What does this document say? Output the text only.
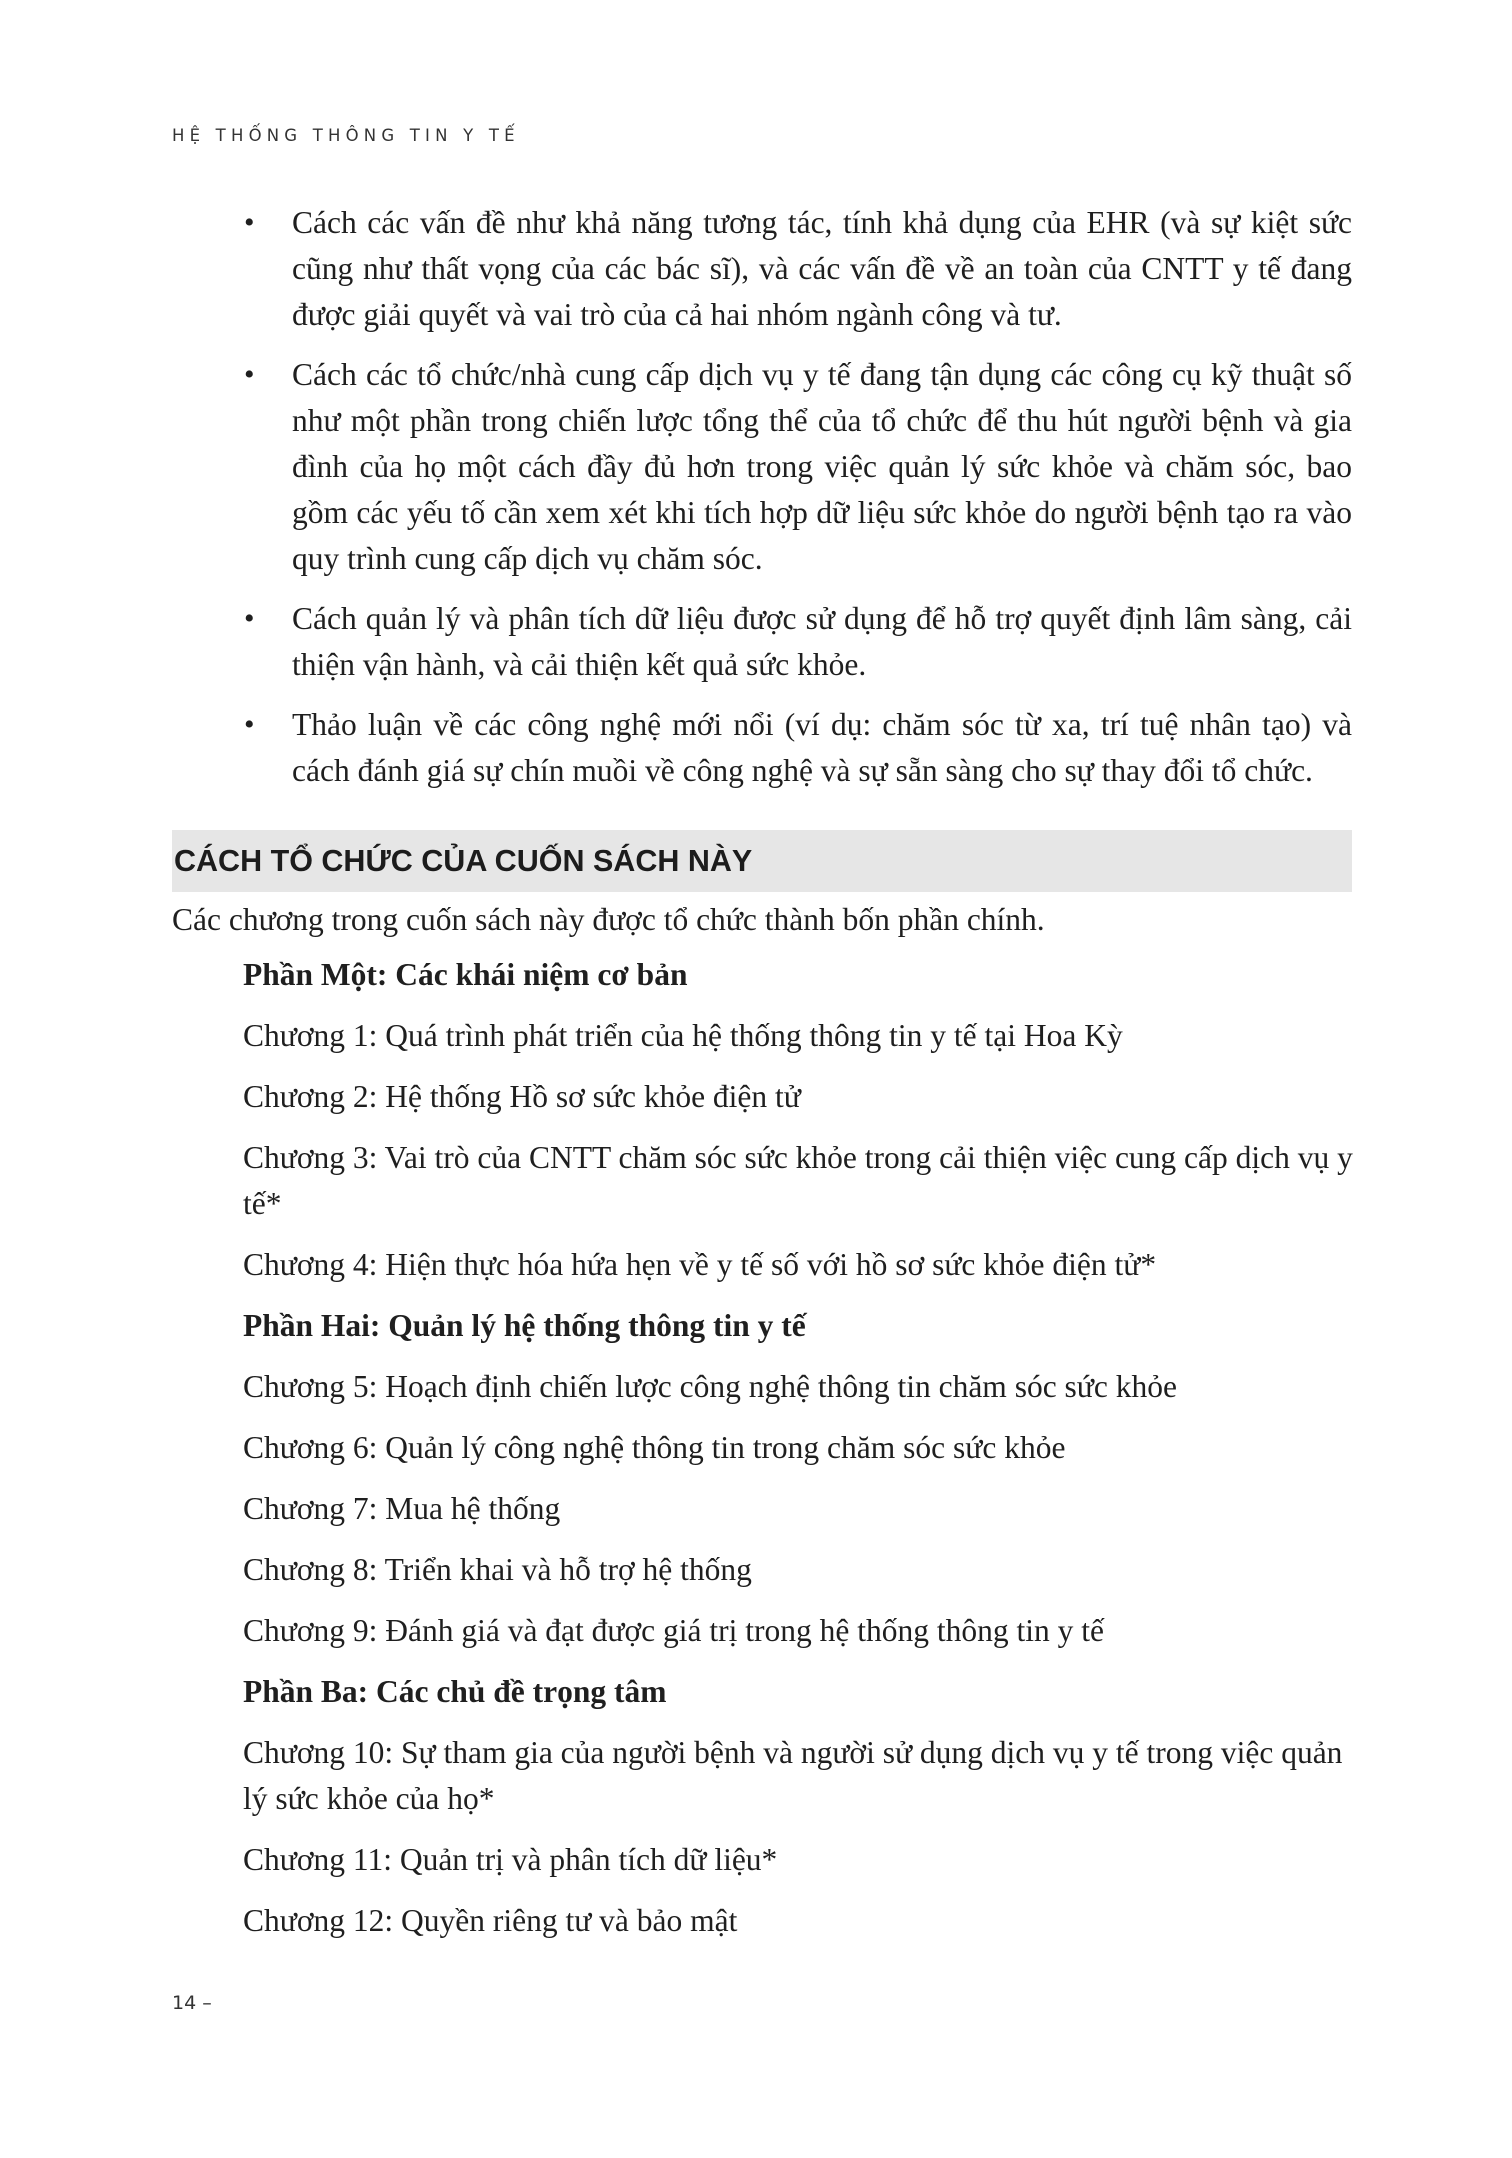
HỆ THỐNG THÔNG TIN Y TẾ
• Cách các vấn đề như khả năng tương tác, tính khả dụng của EHR (và sự kiệt sức cũng như thất vọng của các bác sĩ), và các vấn đề về an toàn của CNTT y tế đang được giải quyết và vai trò của cả hai nhóm ngành công và tư.
• Cách các tổ chức/nhà cung cấp dịch vụ y tế đang tận dụng các công cụ kỹ thuật số như một phần trong chiến lược tổng thể của tổ chức để thu hút người bệnh và gia đình của họ một cách đầy đủ hơn trong việc quản lý sức khỏe và chăm sóc, bao gồm các yếu tố cần xem xét khi tích hợp dữ liệu sức khỏe do người bệnh tạo ra vào quy trình cung cấp dịch vụ chăm sóc.
• Cách quản lý và phân tích dữ liệu được sử dụng để hỗ trợ quyết định lâm sàng, cải thiện vận hành, và cải thiện kết quả sức khỏe.
• Thảo luận về các công nghệ mới nổi (ví dụ: chăm sóc từ xa, trí tuệ nhân tạo) và cách đánh giá sự chín muồi về công nghệ và sự sẵn sàng cho sự thay đổi tổ chức.
CÁCH TỔ CHỨC CỦA CUỐN SÁCH NÀY
Các chương trong cuốn sách này được tổ chức thành bốn phần chính.
Phần Một: Các khái niệm cơ bản
Chương 1: Quá trình phát triển của hệ thống thông tin y tế tại Hoa Kỳ
Chương 2: Hệ thống Hồ sơ sức khỏe điện tử
Chương 3: Vai trò của CNTT chăm sóc sức khỏe trong cải thiện việc cung cấp dịch vụ y tế*
Chương 4: Hiện thực hóa hứa hẹn về y tế số với hồ sơ sức khỏe điện tử*
Phần Hai: Quản lý hệ thống thông tin y tế
Chương 5: Hoạch định chiến lược công nghệ thông tin chăm sóc sức khỏe
Chương 6: Quản lý công nghệ thông tin trong chăm sóc sức khỏe
Chương 7: Mua hệ thống
Chương 8: Triển khai và hỗ trợ hệ thống
Chương 9: Đánh giá và đạt được giá trị trong hệ thống thông tin y tế
Phần Ba: Các chủ đề trọng tâm
Chương 10: Sự tham gia của người bệnh và người sử dụng dịch vụ y tế trong việc quản lý sức khỏe của họ*
Chương 11: Quản trị và phân tích dữ liệu*
Chương 12: Quyền riêng tư và bảo mật
14 –
